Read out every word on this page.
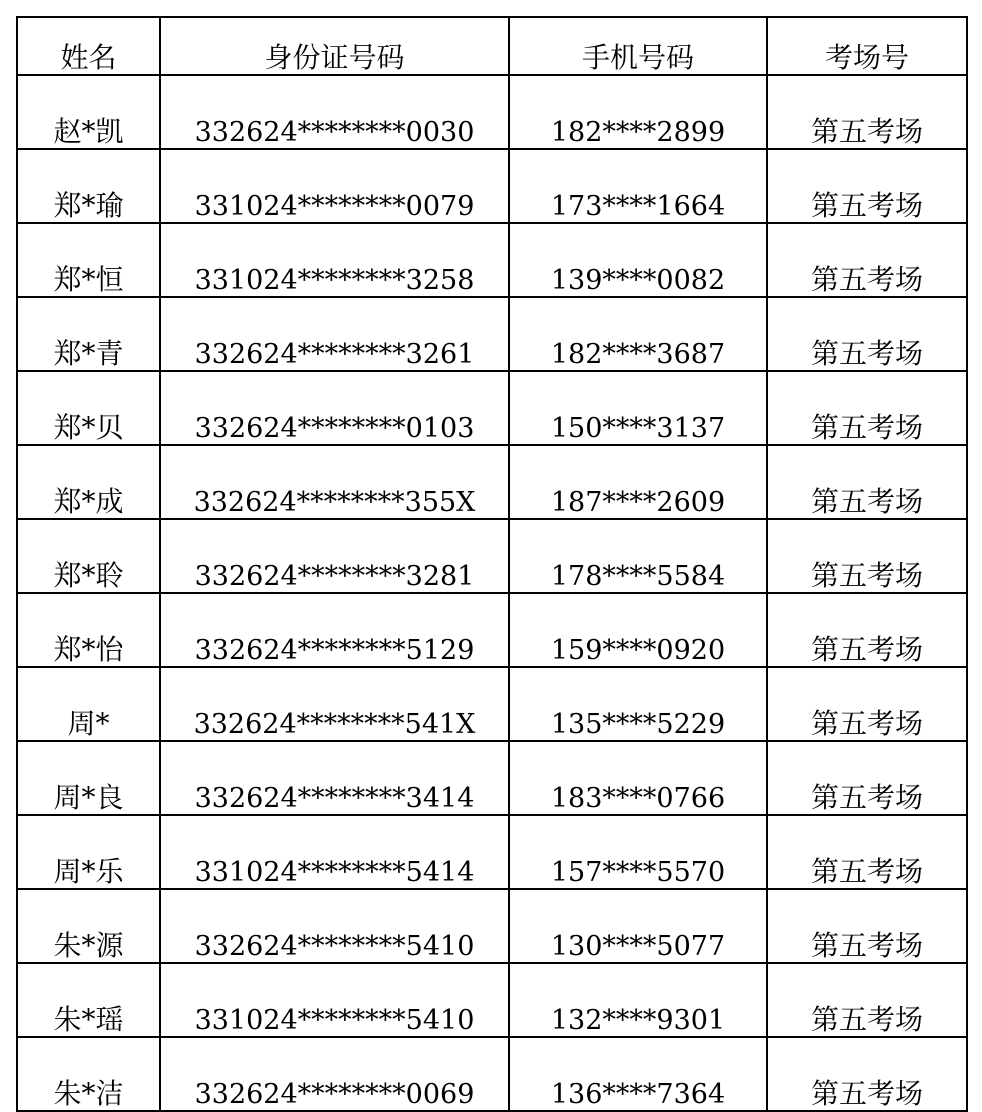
姓名	身份证号码	手机号码	考场号
赵*凯	332624********0030	182****2899	第五考场
郑*瑜	331024********0079	173****1664	第五考场
郑*恒	331024********3258	139****0082	第五考场
郑*青	332624********3261	182****3687	第五考场
郑*贝	332624********0103	150****3137	第五考场
郑*成	332624********355X	187****2609	第五考场
郑*聆	332624********3281	178****5584	第五考场
郑*怡	332624********5129	159****0920	第五考场
周*	332624********541X	135****5229	第五考场
周*良	332624********3414	183****0766	第五考场
周*乐	331024********5414	157****5570	第五考场
朱*源	332624********5410	130****5077	第五考场
朱*瑶	331024********5410	132****9301	第五考场
朱*洁	332624********0069	136****7364	第五考场
